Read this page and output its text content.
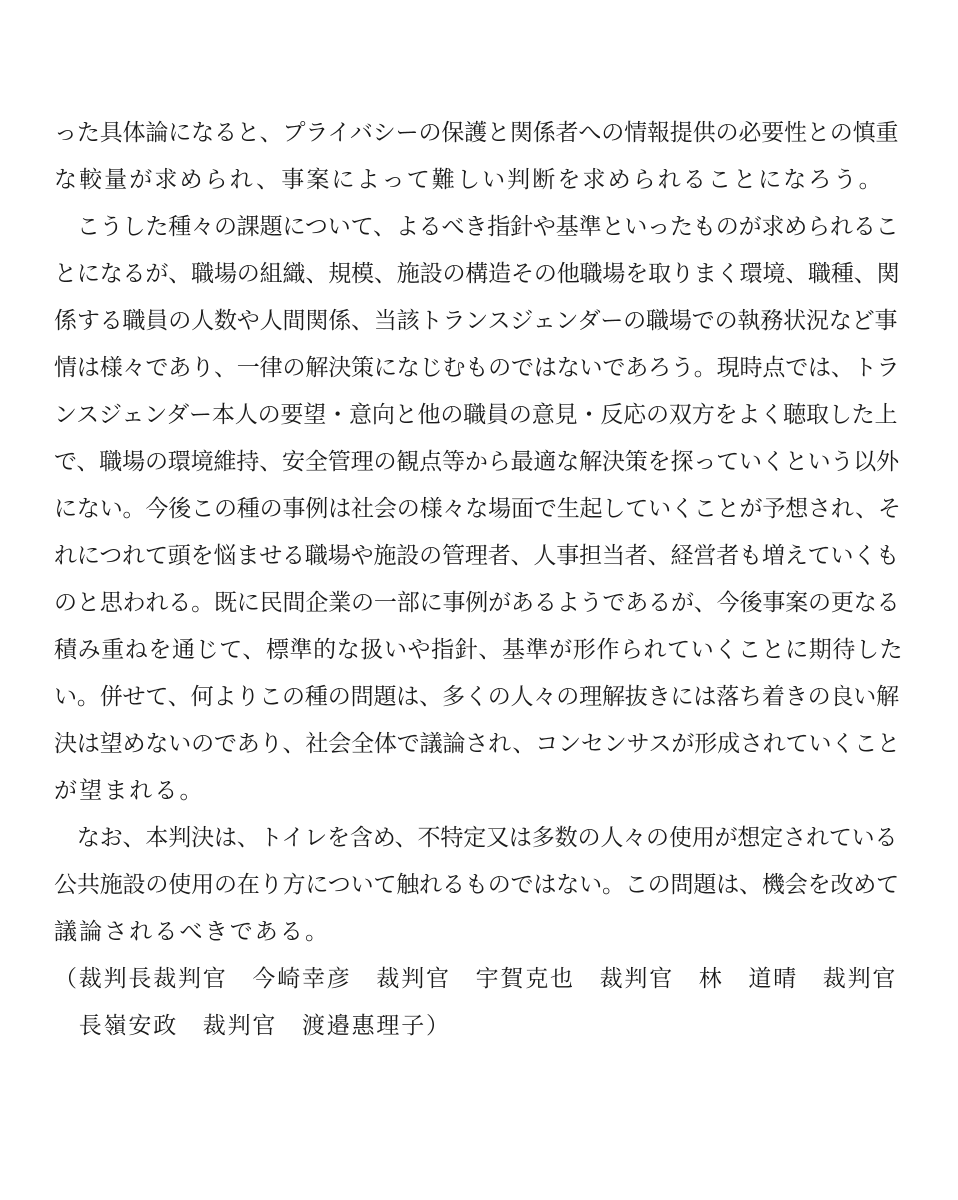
った具体論になると、プライバシーの保護と関係者への情報提供の必要性との慎重
な較量が求められ、事案によって難しい判断を求められることになろう。
　こうした種々の課題について、よるべき指針や基準といったものが求められるこ
とになるが、職場の組織、規模、施設の構造その他職場を取りまく環境、職種、関
係する職員の人数や人間関係、当該トランスジェンダーの職場での執務状況など事
情は様々であり、一律の解決策になじむものではないであろう。現時点では、トラ
ンスジェンダー本人の要望・意向と他の職員の意見・反応の双方をよく聴取した上
で、職場の環境維持、安全管理の観点等から最適な解決策を探っていくという以外
にない。今後この種の事例は社会の様々な場面で生起していくことが予想され、そ
れにつれて頭を悩ませる職場や施設の管理者、人事担当者、経営者も増えていくも
のと思われる。既に民間企業の一部に事例があるようであるが、今後事案の更なる
積み重ねを通じて、標準的な扱いや指針、基準が形作られていくことに期待した
い。併せて、何よりこの種の問題は、多くの人々の理解抜きには落ち着きの良い解
決は望めないのであり、社会全体で議論され、コンセンサスが形成されていくこと
が望まれる。
　なお、本判決は、トイレを含め、不特定又は多数の人々の使用が想定されている
公共施設の使用の在り方について触れるものではない。この問題は、機会を改めて
議論されるべきである。
（裁判長裁判官　今崎幸彦　裁判官　宇賀克也　裁判官　林　道晴　裁判官
　長嶺安政　裁判官　渡邉惠理子）
